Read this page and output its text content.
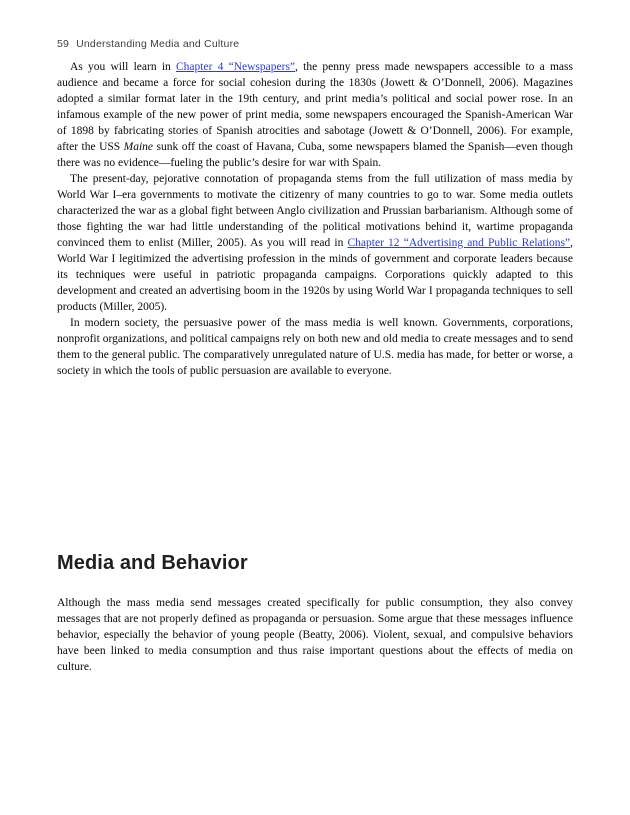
59 Understanding Media and Culture

As you will learn in Chapter 4 “Newspapers”, the penny press made newspapers accessible to a mass audience and became a force for social cohesion during the 1830s (Jowett & O’Donnell, 2006). Magazines adopted a similar format later in the 19th century, and print media’s political and social power rose. In an infamous example of the new power of print media, some newspapers encouraged the Spanish-American War of 1898 by fabricating stories of Spanish atrocities and sabotage (Jowett & O’Donnell, 2006). For example, after the USS Maine sunk off the coast of Havana, Cuba, some newspapers blamed the Spanish—even though there was no evidence—fueling the public’s desire for war with Spain.

The present-day, pejorative connotation of propaganda stems from the full utilization of mass media by World War I–era governments to motivate the citizenry of many countries to go to war. Some media outlets characterized the war as a global fight between Anglo civilization and Prussian barbarianism. Although some of those fighting the war had little understanding of the political motivations behind it, wartime propaganda convinced them to enlist (Miller, 2005). As you will read in Chapter 12 “Advertising and Public Relations”, World War I legitimized the advertising profession in the minds of government and corporate leaders because its techniques were useful in patriotic propaganda campaigns. Corporations quickly adapted to this development and created an advertising boom in the 1920s by using World War I propaganda techniques to sell products (Miller, 2005).

In modern society, the persuasive power of the mass media is well known. Governments, corporations, nonprofit organizations, and political campaigns rely on both new and old media to create messages and to send them to the general public. The comparatively unregulated nature of U.S. media has made, for better or worse, a society in which the tools of public persuasion are available to everyone.

Media and Behavior

Although the mass media send messages created specifically for public consumption, they also convey messages that are not properly defined as propaganda or persuasion. Some argue that these messages influence behavior, especially the behavior of young people (Beatty, 2006). Violent, sexual, and compulsive behaviors have been linked to media consumption and thus raise important questions about the effects of media on culture.
